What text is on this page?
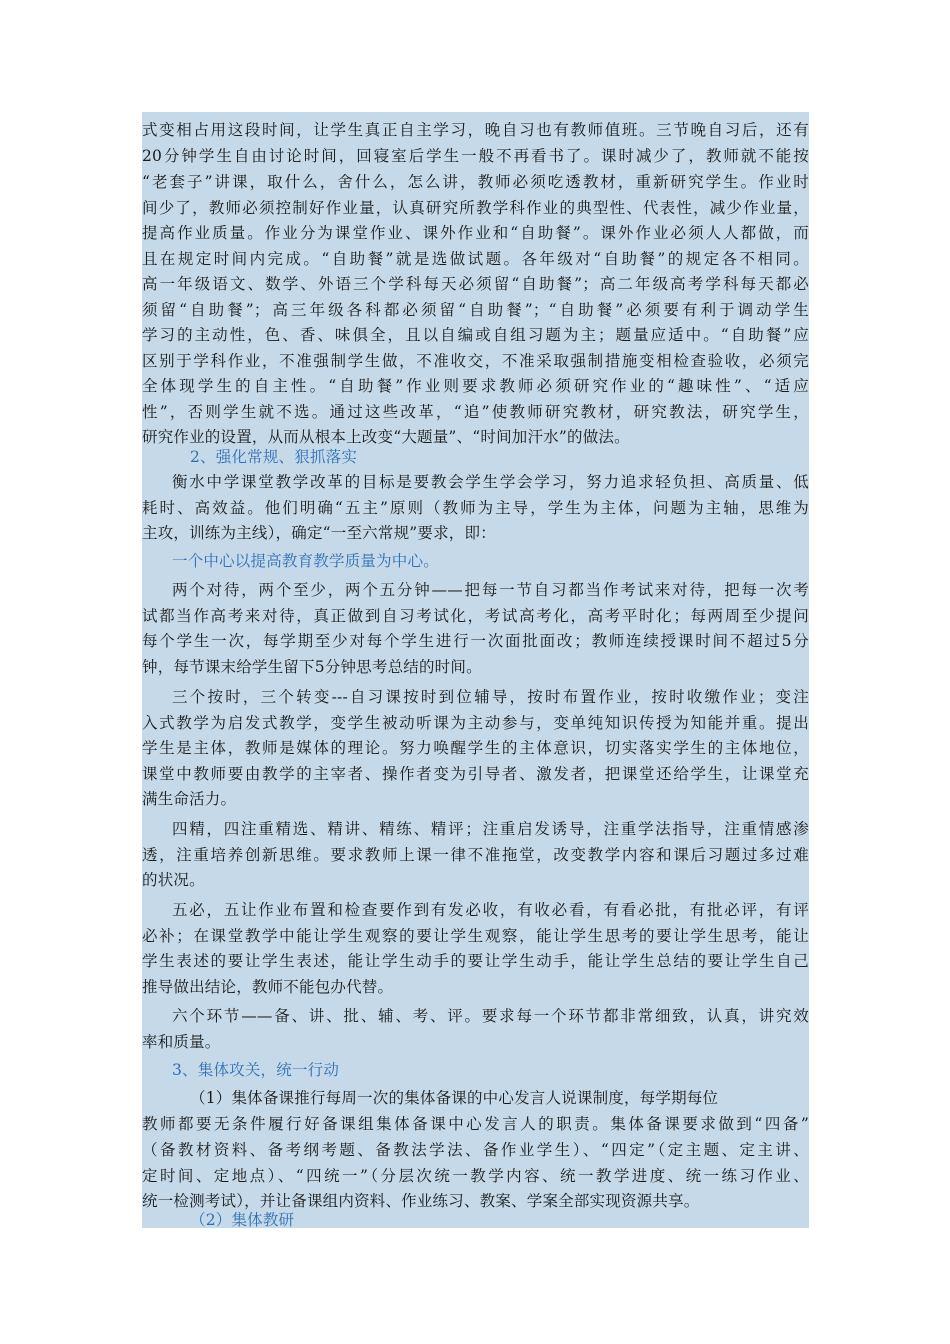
式变相占用这段时间，让学生真正自主学习，晚自习也有教师值班。三节晚自习后，还有
20分钟学生自由讨论时间，回寝室后学生一般不再看书了。课时减少了，教师就不能按
“老套子”讲课，取什么，舍什么，怎么讲，教师必须吃透教材，重新研究学生。作业时
间少了，教师必须控制好作业量，认真研究所教学科作业的典型性、代表性，减少作业量，
提高作业质量。作业分为课堂作业、课外作业和“自助餐”。课外作业必须人人都做，而
且在规定时间内完成。“自助餐”就是选做试题。各年级对“自助餐”的规定各不相同。
高一年级语文、数学、外语三个学科每天必须留“自助餐”；高二年级高考学科每天都必
须留“自助餐”；高三年级各科都必须留“自助餐”；“自助餐”必须要有利于调动学生
学习的主动性，色、香、味俱全，且以自编或自组习题为主；题量应适中。“自助餐”应
区别于学科作业，不准强制学生做，不准收交，不准采取强制措施变相检查验收，必须完
全体现学生的自主性。“自助餐”作业则要求教师必须研究作业的“趣味性”、“适应
性”，否则学生就不选。通过这些改革，“追”使教师研究教材，研究教法，研究学生，
研究作业的设置，从而从根本上改变“大题量”、“时间加汗水”的做法。
2、强化常规、狠抓落实
衡水中学课堂教学改革的目标是要教会学生学会学习，努力追求轻负担、高质量、低
耗时、高效益。他们明确“五主”原则（教师为主导，学生为主体，问题为主轴，思维为
主攻，训练为主线），确定“一至六常规”要求，即：
一个中心以提高教育教学质量为中心。
两个对待，两个至少，两个五分钟——把每一节自习都当作考试来对待，把每一次考
试都当作高考来对待，真正做到自习考试化，考试高考化，高考平时化；每两周至少提问
每个学生一次，每学期至少对每个学生进行一次面批面改；教师连续授课时间不超过5分
钟，每节课末给学生留下5分钟思考总结的时间。
三个按时，三个转变---自习课按时到位辅导，按时布置作业，按时收缴作业；变注
入式教学为启发式教学，变学生被动听课为主动参与，变单纯知识传授为知能并重。提出
学生是主体，教师是媒体的理论。努力唤醒学生的主体意识，切实落实学生的主体地位，
课堂中教师要由教学的主宰者、操作者变为引导者、激发者，把课堂还给学生，让课堂充
满生命活力。
四精，四注重精选、精讲、精练、精评；注重启发诱导，注重学法指导，注重情感渗
透，注重培养创新思维。要求教师上课一律不准拖堂，改变教学内容和课后习题过多过难
的状况。
五必，五让作业布置和检查要作到有发必收，有收必看，有看必批，有批必评，有评
必补；在课堂教学中能让学生观察的要让学生观察，能让学生思考的要让学生思考，能让
学生表述的要让学生表述，能让学生动手的要让学生动手，能让学生总结的要让学生自己
推导做出结论，教师不能包办代替。
六个环节——备、讲、批、辅、考、评。要求每一个环节都非常细致，认真，讲究效
率和质量。
3、集体攻关，统一行动
（1）集体备课推行每周一次的集体备课的中心发言人说课制度，每学期每位
教师都要无条件履行好备课组集体备课中心发言人的职责。集体备课要求做到“四备”
（备教材资料、备考纲考题、备教法学法、备作业学生）、“四定”（定主题、定主讲、
定时间、定地点）、“四统一”（分层次统一教学内容、统一教学进度、统一练习作业、
统一检测考试），并让备课组内资料、作业练习、教案、学案全部实现资源共享。
（2）集体教研
